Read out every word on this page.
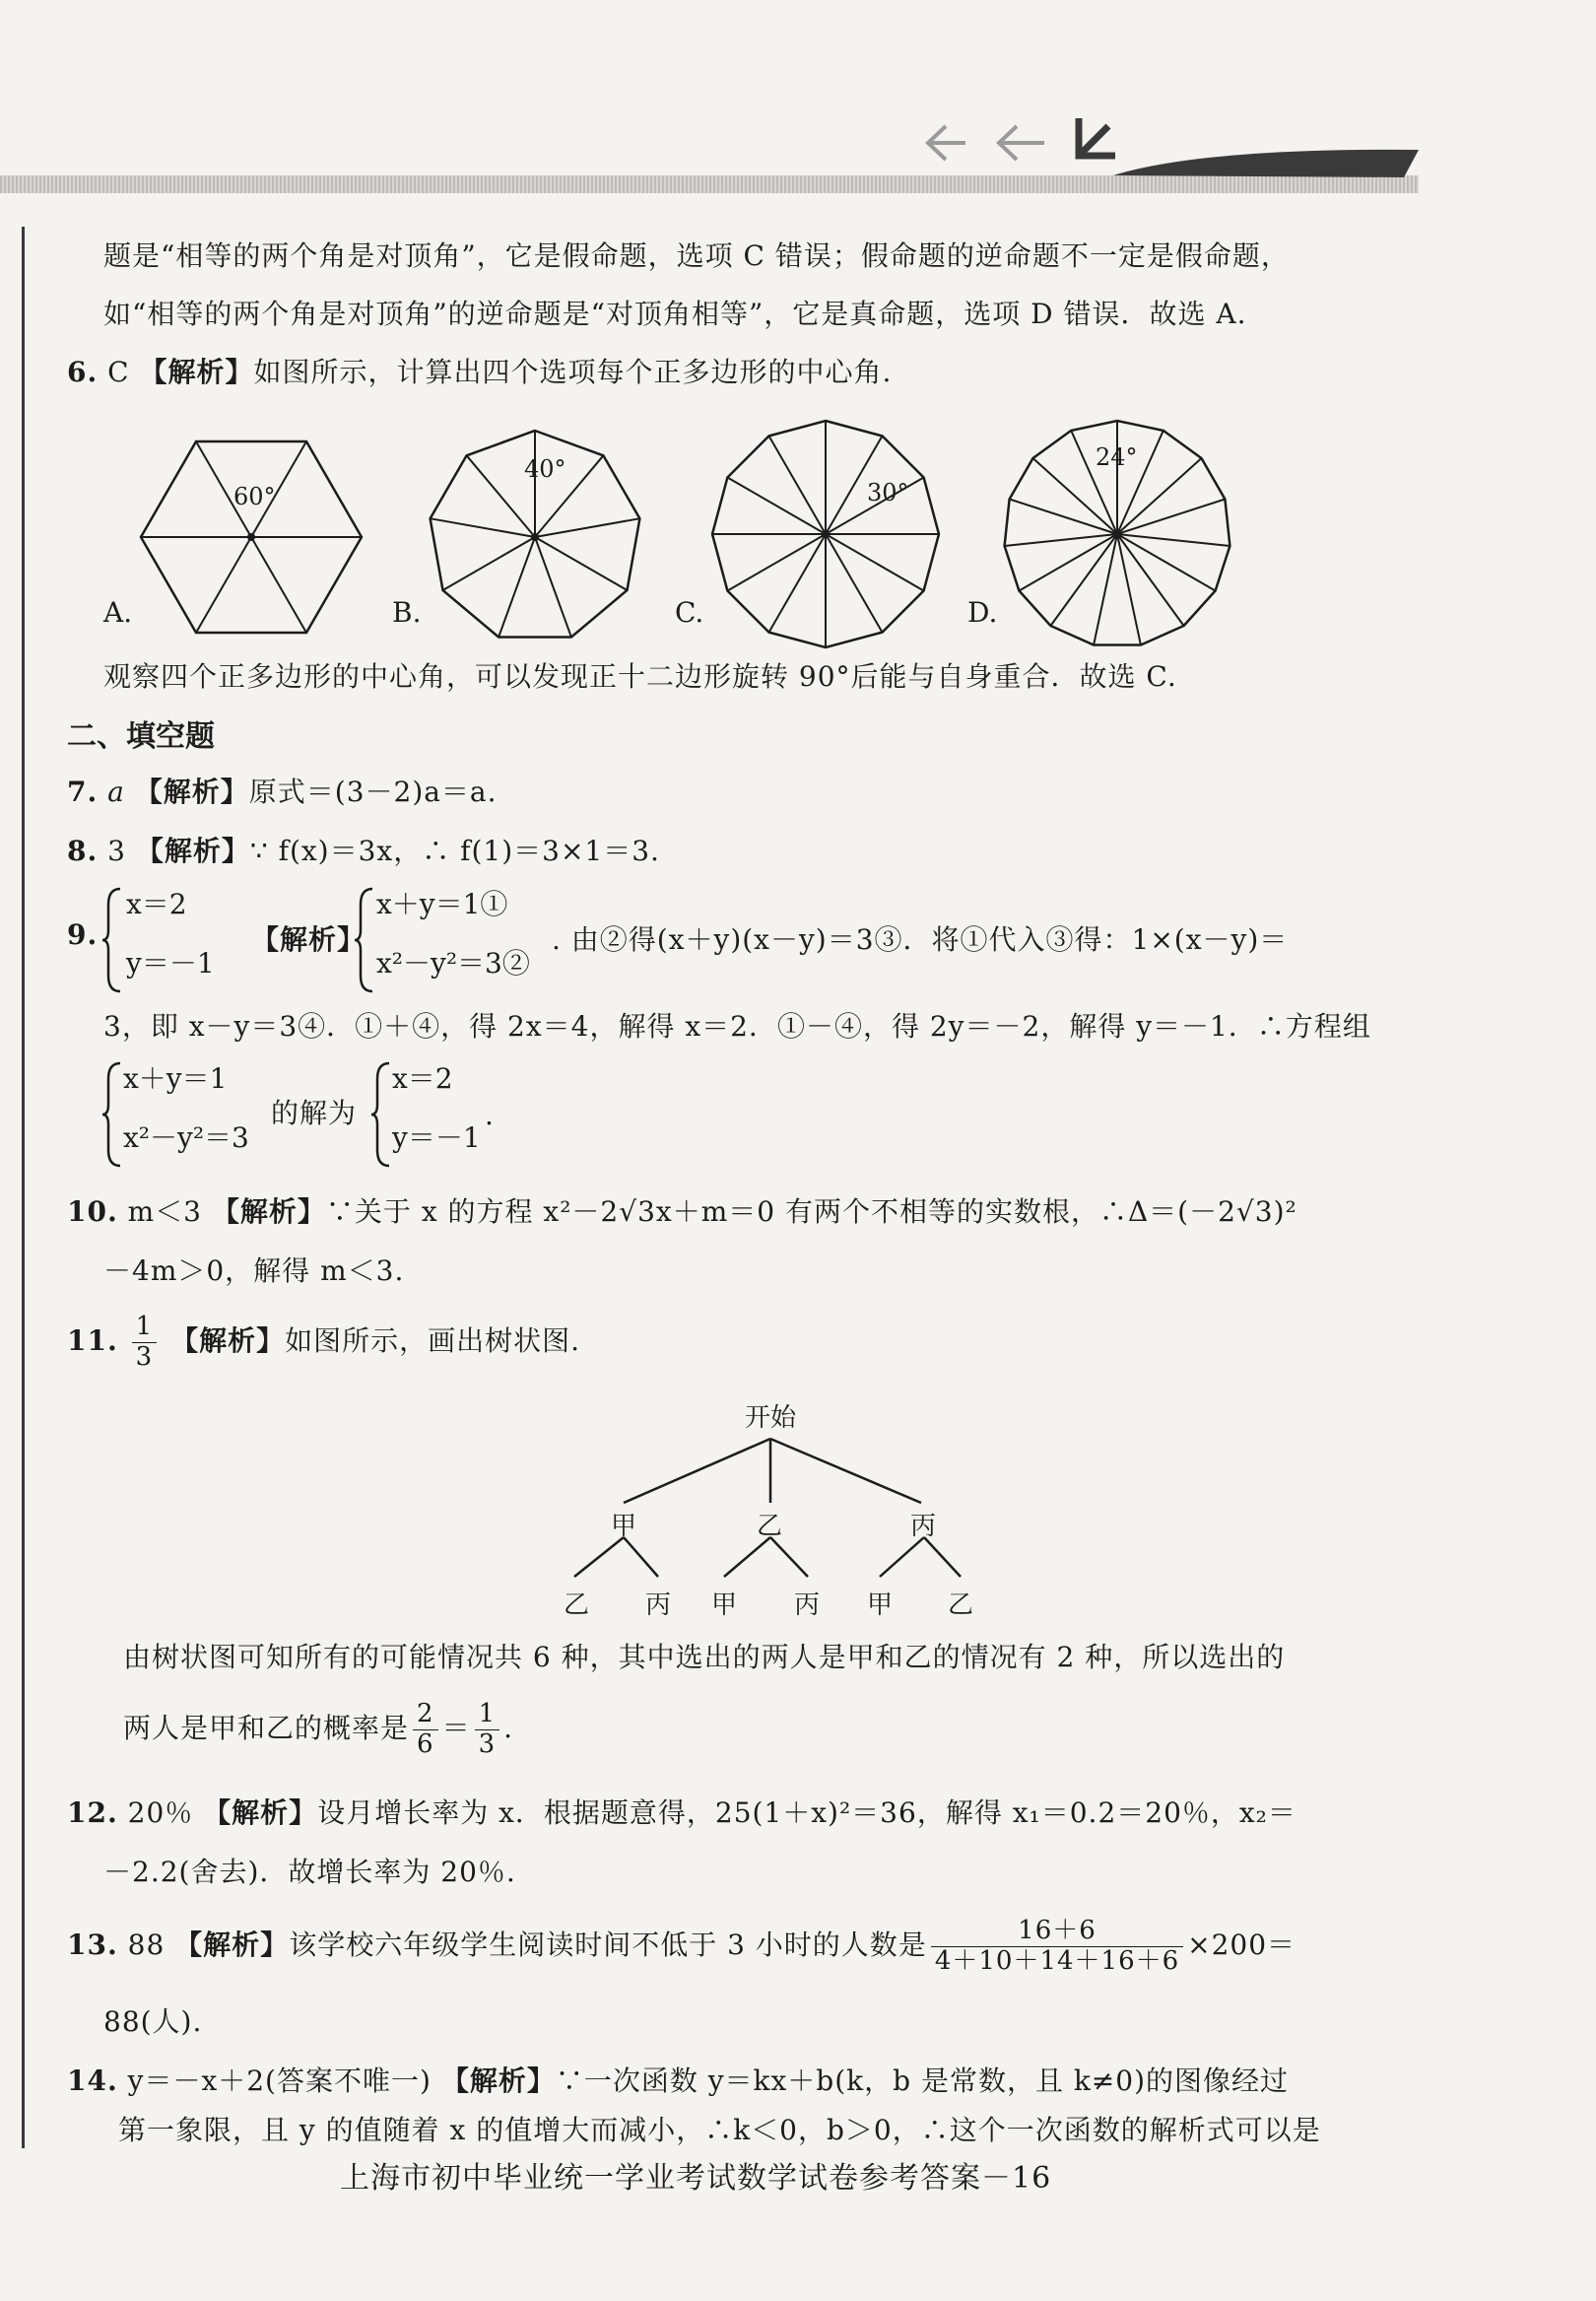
题是“相等的两个角是对顶角”，它是假命题，选项 C 错误；假命题的逆命题不一定是假命题，
如“相等的两个角是对顶角”的逆命题是“对顶角相等”，它是真命题，选项 D 错误．故选 A.
6. C 【解析】如图所示，计算出四个选项每个正多边形的中心角.
A.	B.	C.	D.
60°
40°
30°
24°
观察四个正多边形的中心角，可以发现正十二边形旋转 90°后能与自身重合．故选 C.
二、填空题
7. a 【解析】原式＝(3－2)a＝a.
8. 3 【解析】∵ f(x)＝3x，∴ f(1)＝3×1＝3.
9.
x＝2
y＝－1
【解析】
x＋y＝1①
x²－y²＝3②
. 由②得(x＋y)(x－y)＝3③．将①代入③得：1×(x－y)＝
3，即 x－y＝3④．①＋④，得 2x＝4，解得 x＝2．①－④，得 2y＝－2，解得 y＝－1．∴方程组
x＋y＝1
x²－y²＝3
的解为
x＝2
y＝－1
.
10. m＜3 【解析】∵关于 x 的方程 x²－2√3x＋m＝0 有两个不相等的实数根，∴Δ＝(－2√3)²
－4m＞0，解得 m＜3.
11. $\frac{1}{3}$ 【解析】如图所示，画出树状图.
开始
甲	乙	丙
乙 丙 甲 丙 甲 乙
由树状图可知所有的可能情况共 6 种，其中选出的两人是甲和乙的情况有 2 种，所以选出的
两人是甲和乙的概率是 $\frac{2}{6} = \frac{1}{3}$ .
12. 20％ 【解析】设月增长率为 x．根据题意得，25(1＋x)²＝36，解得 x₁＝0.2＝20％，x₂＝
－2.2(舍去)．故增长率为 20％.
13. 88 【解析】该学校六年级学生阅读时间不低于 3 小时的人数是 $\frac{16+6}{4+10+14+16+6} \times 200=$
88(人).
14. y＝－x＋2(答案不唯一) 【解析】∵一次函数 y＝kx＋b(k，b 是常数，且 k≠0)的图像经过
第一象限，且 y 的值随着 x 的值增大而减小，∴k＜0，b＞0，∴这个一次函数的解析式可以是
上海市初中毕业统一学业考试数学试卷参考答案－16
